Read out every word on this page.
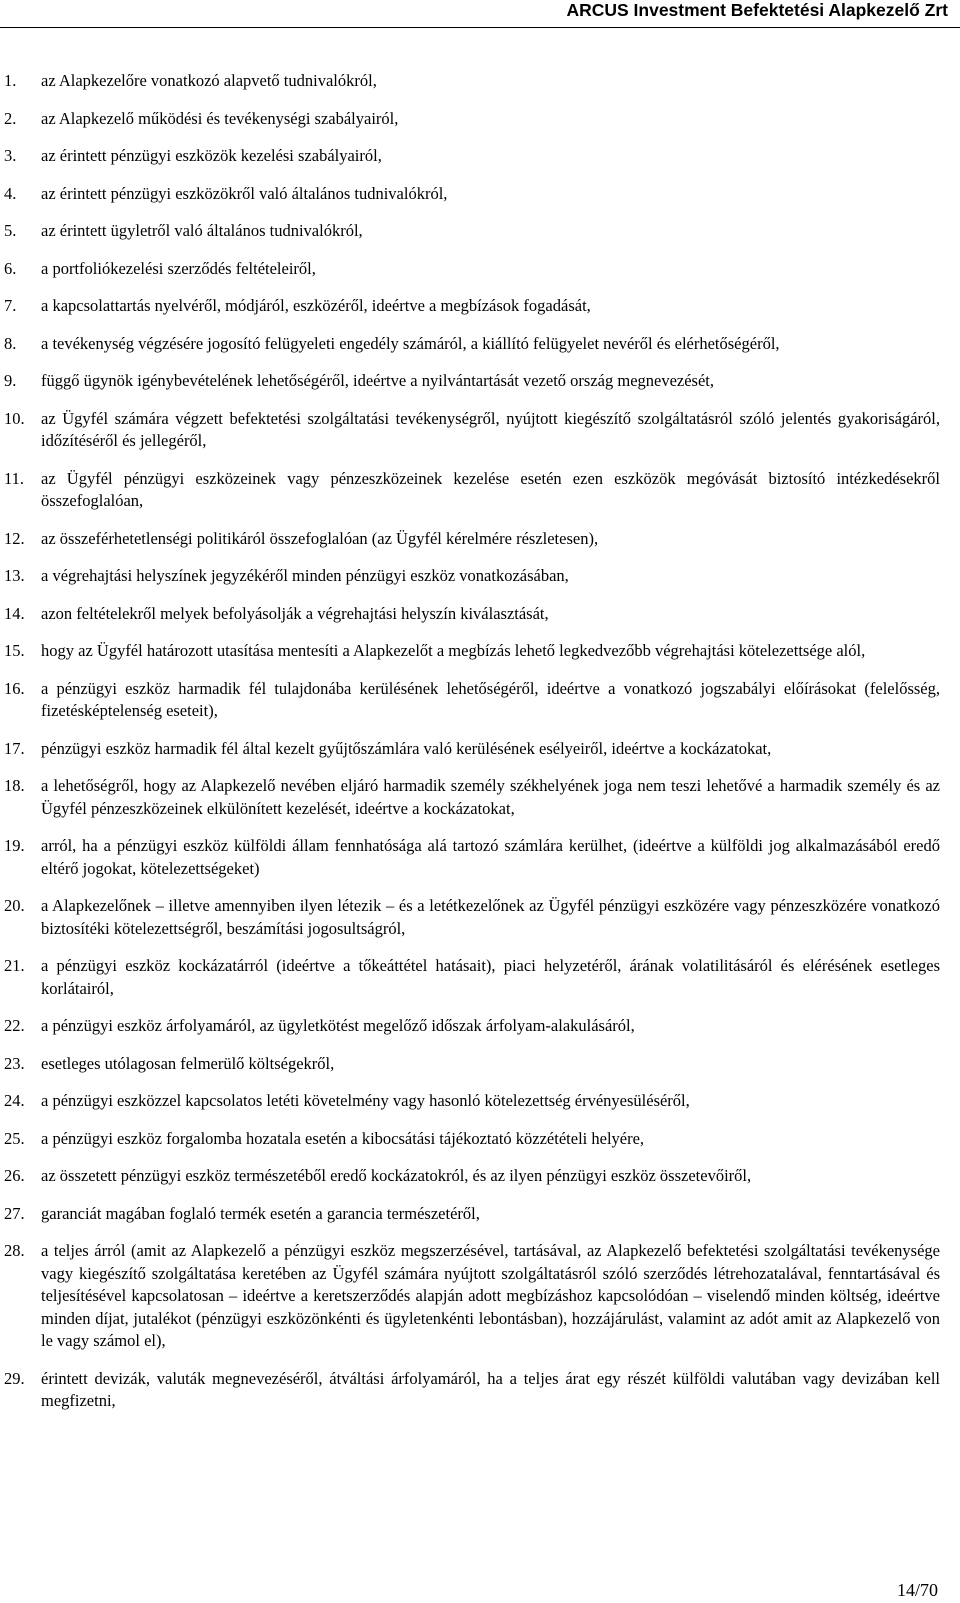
ARCUS Investment Befektetési Alapkezelő Zrt
1. az Alapkezelőre vonatkozó alapvető tudnivalókról,
2. az Alapkezelő működési és tevékenységi szabályairól,
3. az érintett pénzügyi eszközök kezelési szabályairól,
4. az érintett pénzügyi eszközökről való általános tudnivalókról,
5. az érintett ügyletről való általános tudnivalókról,
6. a portfoliókezelési szerződés feltételeiről,
7. a kapcsolattartás nyelvéről, módjáról, eszközéről, ideértve a megbízások fogadását,
8. a tevékenység végzésére jogosító felügyeleti engedély számáról, a kiállító felügyelet nevéről és elérhetőségéről,
9. függő ügynök igénybevételének lehetőségéről, ideértve a nyilvántartását vezető ország megnevezését,
10. az Ügyfél számára végzett befektetési szolgáltatási tevékenységről, nyújtott kiegészítő szolgáltatásról szóló jelentés gyakoriságáról, időzítéséről és jellegéről,
11. az Ügyfél pénzügyi eszközeinek vagy pénzeszközeinek kezelése esetén ezen eszközök megóvását biztosító intézkedésekről összefoglalóan,
12. az összeférhetetlenségi politikáról összefoglalóan (az Ügyfél kérelmére részletesen),
13. a végrehajtási helyszínek jegyzékéről minden pénzügyi eszköz vonatkozásában,
14. azon feltételekről melyek befolyásolják a végrehajtási helyszín kiválasztását,
15. hogy az Ügyfél határozott utasítása mentesíti a Alapkezelőt a megbízás lehető legkedvezőbb végrehajtási kötelezettsége alól,
16. a pénzügyi eszköz harmadik fél tulajdonába kerülésének lehetőségéről, ideértve a vonatkozó jogszabályi előírásokat (felelősség, fizetésképtelenség eseteit),
17. pénzügyi eszköz harmadik fél által kezelt gyűjtőszámlára való kerülésének esélyeiről, ideértve a kockázatokat,
18. a lehetőségről, hogy az Alapkezelő nevében eljáró harmadik személy székhelyének joga nem teszi lehetővé a harmadik személy és az Ügyfél pénzeszközeinek elkülönített kezelését, ideértve a kockázatokat,
19. arról, ha a pénzügyi eszköz külföldi állam fennhatósága alá tartozó számlára kerülhet, (ideértve a külföldi jog alkalmazásából eredő eltérő jogokat, kötelezettségeket)
20. a Alapkezelőnek – illetve amennyiben ilyen létezik – és a letétkezelőnek az Ügyfél pénzügyi eszközére vagy pénzeszközére vonatkozó biztosítéki kötelezettségről, beszámítási jogosultságról,
21. a pénzügyi eszköz kockázatárról (ideértve a tőkeáttétel hatásait), piaci helyzetéről, árának volatilitásáról és elérésének esetleges korlátairól,
22. a pénzügyi eszköz árfolyamáról, az ügyletkötést megelőző időszak árfolyam-alakulásáról,
23. esetleges utólagosan felmerülő költségekről,
24. a pénzügyi eszközzel kapcsolatos letéti követelmény vagy hasonló kötelezettség érvényesüléséről,
25. a pénzügyi eszköz forgalomba hozatala esetén a kibocsátási tájékoztató közzétételi helyére,
26. az összetett pénzügyi eszköz természetéből eredő kockázatokról, és az ilyen pénzügyi eszköz összetevőiről,
27. garanciát magában foglaló termék esetén a garancia természetéről,
28. a teljes árról (amit az Alapkezelő a pénzügyi eszköz megszerzésével, tartásával, az Alapkezelő befektetési szolgáltatási tevékenysége vagy kiegészítő szolgáltatása keretében az Ügyfél számára nyújtott szolgáltatásról szóló szerződés létrehozatalával, fenntartásával és teljesítésével kapcsolatosan – ideértve a keretszerződés alapján adott megbízáshoz kapcsolódóan – viselendő minden költség, ideértve minden díjat, jutalékot (pénzügyi eszközönkénti és ügyletenkénti lebontásban), hozzájárulást, valamint az adót amit az Alapkezelő von le vagy számol el),
29. érintett devizák, valuták megnevezéséről, átváltási árfolyamáról, ha a teljes árat egy részét külföldi valutában vagy devizában kell megfizetni,
14/70
